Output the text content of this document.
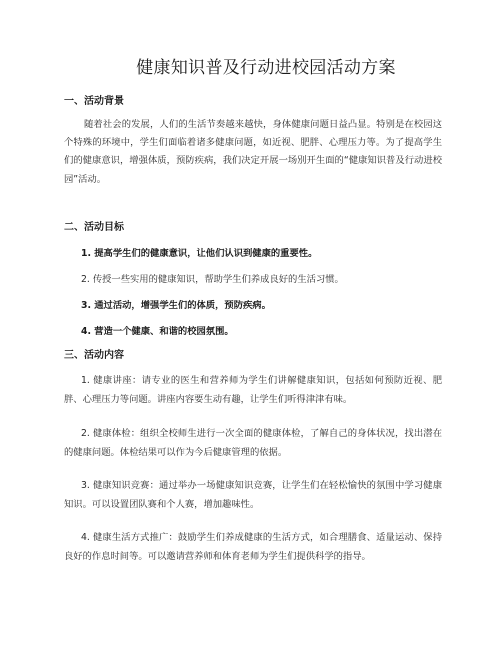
健康知识普及行动进校园活动方案
一、活动背景
随着社会的发展，人们的生活节奏越来越快，身体健康问题日益凸显。特别是在校园这个特殊的环境中，学生们面临着诸多健康问题，如近视、肥胖、心理压力等。为了提高学生们的健康意识，增强体质，预防疾病，我们决定开展一场別开生面的“健康知识普及行动进校园”活动。
二、活动目标
1. 提高学生们的健康意识，让他们认识到健康的重要性。
2. 传授一些实用的健康知识，帮助学生们养成良好的生活习惯。
3. 通过活动，增强学生们的体质，预防疾病。
4. 营造一个健康、和谐的校园氛围。
三、活动内容
1. 健康讲座：请专业的医生和营养师为学生们讲解健康知识，包括如何预防近视、肥胖、心理压力等问题。讲座内容要生动有趣，让学生们听得津津有味。
2. 健康体检：组织全校师生进行一次全面的健康体检，了解自己的身体状况，找出潜在的健康问题。体检结果可以作为今后健康管理的依据。
3. 健康知识竞赛：通过举办一场健康知识竞赛，让学生们在轻松愉快的氛围中学习健康知识。可以设置团队赛和个人赛，增加趣味性。
4. 健康生活方式推广：鼓励学生们养成健康的生活方式，如合理膳食、适量运动、保持良好的作息时间等。可以邀请营养师和体育老师为学生们提供科学的指导。
